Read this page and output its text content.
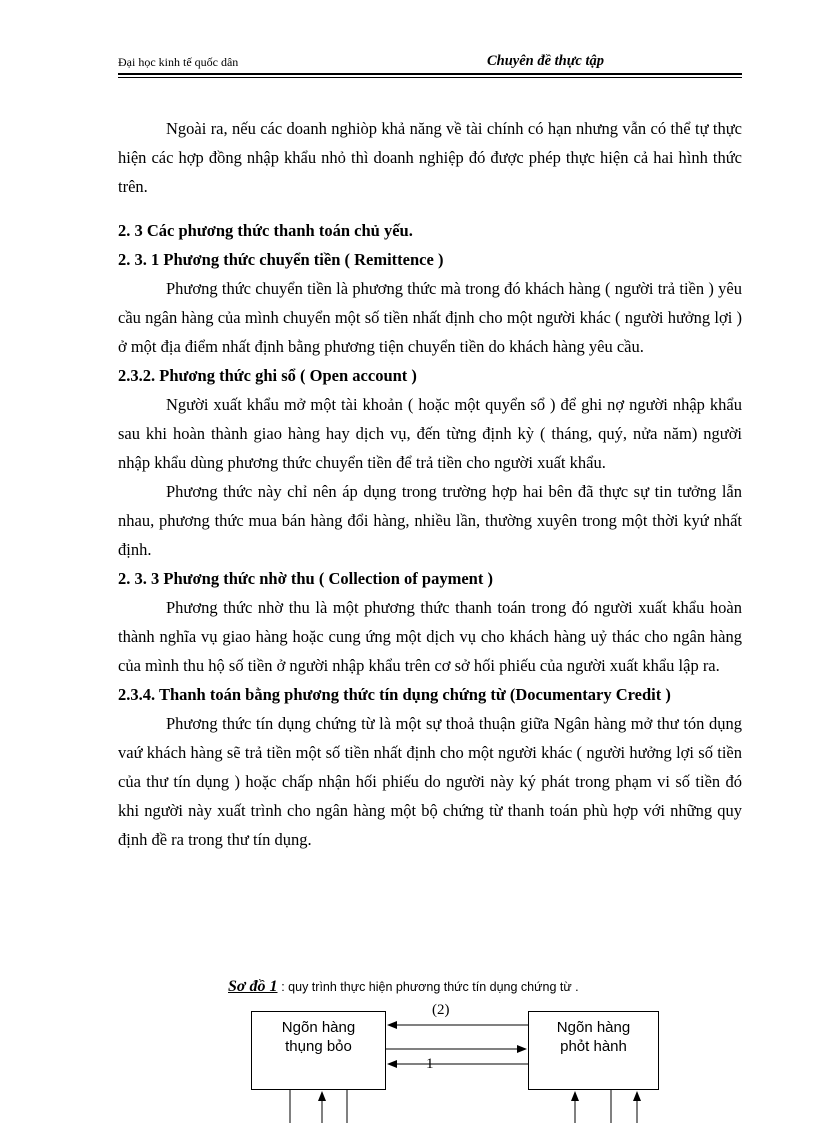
Đại học kinh tế quốc dân	Chuyên đề thực tập

Ngoài ra, nếu các doanh nghiòp khả năng về tài chính có hạn nhưng vẫn có thể tự thực hiện các hợp đồng nhập khẩu nhỏ thì doanh nghiệp đó được phép thực hiện cả hai hình thức trên.

2. 3 Các phương thức thanh toán chủ yếu.
2. 3. 1 Phương thức chuyển tiền ( Remittence )

Phương thức chuyển tiền là phương thức mà trong đó khách hàng ( người trả tiền ) yêu cầu ngân hàng của mình chuyển một số tiền nhất định cho một người khác ( người hưởng lợi ) ở một địa điểm nhất định bằng phương tiện chuyển tiền do khách hàng yêu cầu.

2.3.2. Phương thức ghi sổ ( Open account )

Người xuất khẩu mở một tài khoản ( hoặc một quyển sổ ) để ghi nợ người nhập khẩu sau khi hoàn thành giao hàng hay dịch vụ, đến từng định kỳ ( tháng, quý, nửa năm) người nhập khẩu dùng phương thức chuyển tiền để trả tiền cho người xuất khẩu.

Phương thức này chỉ nên áp dụng trong trường hợp hai bên đã thực sự tin tưởng lẫn nhau, phương thức mua bán hàng đổi hàng, nhiều lần, thường xuyên trong một thời kyứ nhất định.

2. 3. 3 Phương thức nhờ thu ( Collection of payment )

Phương thức nhờ thu là một phương thức thanh toán trong đó người xuất khẩu hoàn thành nghĩa vụ giao hàng hoặc cung ứng một dịch vụ cho khách hàng uỷ thác cho ngân hàng của mình thu hộ số tiền ở người nhập khẩu trên cơ sở hối phiếu của người xuất khẩu lập ra.

2.3.4. Thanh toán bằng phương thức tín dụng chứng từ (Documentary Credit )

Phương thức tín dụng chứng từ là một sự thoả thuận giữa Ngân hàng mở thư tón dụng vaứ khách hàng sẽ trả tiền một số tiền nhất định cho một người khác ( người hưởng lợi số tiền của thư tín dụng ) hoặc chấp nhận hối phiếu do người này ký phát trong phạm vi số tiền đó khi người này xuất trình cho ngân hàng một bộ chứng từ thanh toán phù hợp với những quy định đề ra trong thư tín dụng.

Sơ đồ 1 : quy trình thực hiện phương thức tín dụng chứng từ .
Ngõn hàng
thụng bỏo
Ngõn hàng
phỏt hành
(2)
1
